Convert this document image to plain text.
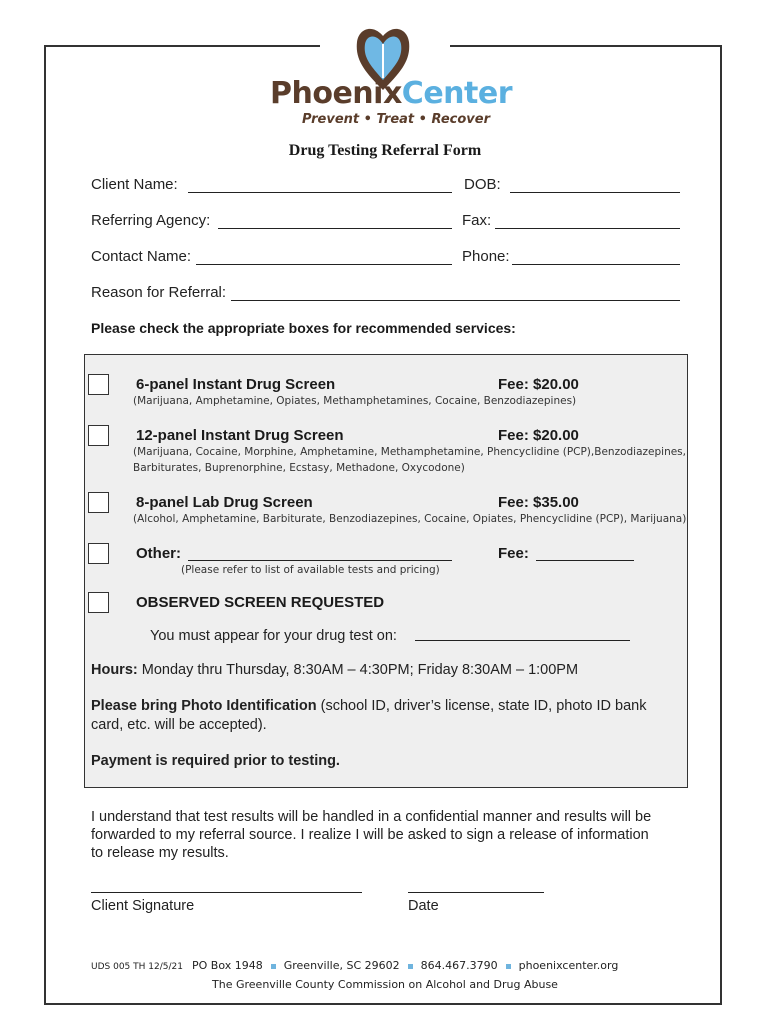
PhoenixCenter
Prevent • Treat • Recover
Drug Testing Referral Form
Client Name:	DOB:
Referring Agency:	Fax:
Contact Name:	Phone:
Reason for Referral:
Please check the appropriate boxes for recommended services:
6-panel Instant Drug Screen	Fee: $20.00
(Marijuana, Amphetamine, Opiates, Methamphetamines, Cocaine, Benzodiazepines)
12-panel Instant Drug Screen	Fee: $20.00
(Marijuana, Cocaine, Morphine, Amphetamine, Methamphetamine, Phencyclidine (PCP),Benzodiazepines,
Barbiturates, Buprenorphine, Ecstasy, Methadone, Oxycodone)
8-panel Lab Drug Screen	Fee: $35.00
(Alcohol, Amphetamine, Barbiturate, Benzodiazepines, Cocaine, Opiates, Phencyclidine (PCP), Marijuana)
Other:	Fee:
(Please refer to list of available tests and pricing)
OBSERVED SCREEN REQUESTED
You must appear for your drug test on:
Hours: Monday thru Thursday, 8:30AM – 4:30PM; Friday 8:30AM – 1:00PM
Please bring Photo Identification (school ID, driver’s license, state ID, photo ID bank
card, etc. will be accepted).
Payment is required prior to testing.
I understand that test results will be handled in a confidential manner and results will be
forwarded to my referral source. I realize I will be asked to sign a release of information
to release my results.
Client Signature	Date
UDS 005 TH 12/5/21 PO Box 1948 Greenville, SC 29602 864.467.3790 phoenixcenter.org
The Greenville County Commission on Alcohol and Drug Abuse
